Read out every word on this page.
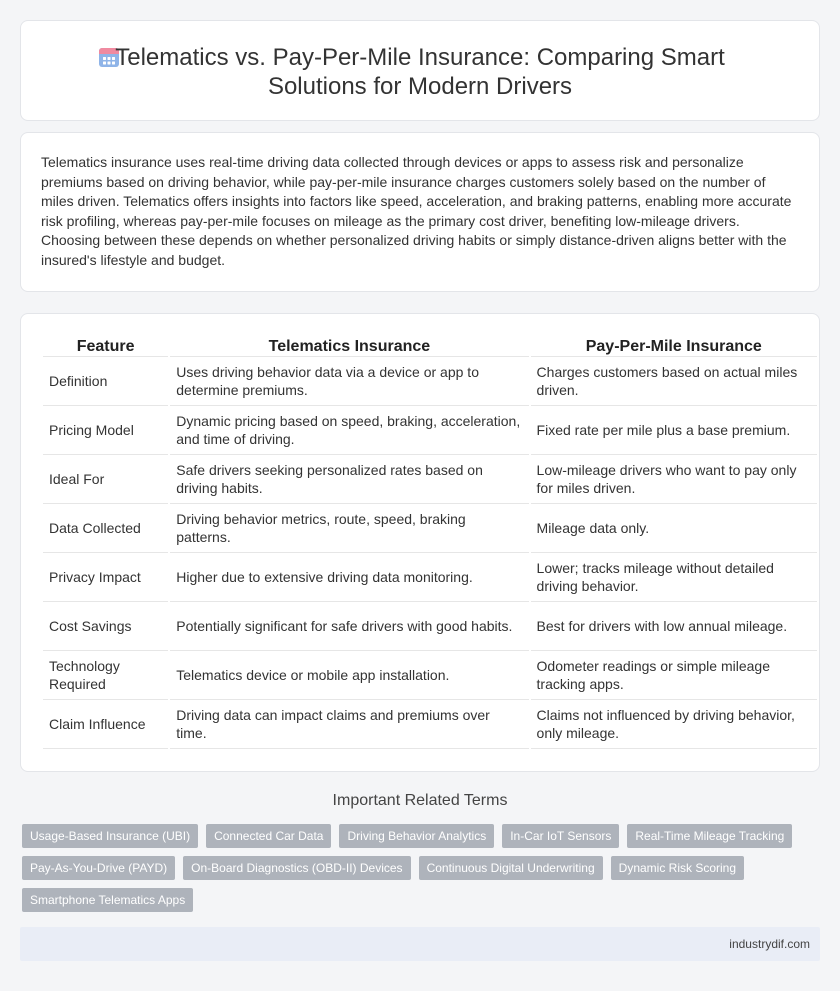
Telematics vs. Pay-Per-Mile Insurance: Comparing Smart Solutions for Modern Drivers

Telematics insurance uses real-time driving data collected through devices or apps to assess risk and personalize premiums based on driving behavior, while pay-per-mile insurance charges customers solely based on the number of miles driven. Telematics offers insights into factors like speed, acceleration, and braking patterns, enabling more accurate risk profiling, whereas pay-per-mile focuses on mileage as the primary cost driver, benefiting low-mileage drivers. Choosing between these depends on whether personalized driving habits or simply distance-driven aligns better with the insured's lifestyle and budget.

Feature	Telematics Insurance	Pay-Per-Mile Insurance
Definition	Uses driving behavior data via a device or app to determine premiums.	Charges customers based on actual miles driven.
Pricing Model	Dynamic pricing based on speed, braking, acceleration, and time of driving.	Fixed rate per mile plus a base premium.
Ideal For	Safe drivers seeking personalized rates based on driving habits.	Low-mileage drivers who want to pay only for miles driven.
Data Collected	Driving behavior metrics, route, speed, braking patterns.	Mileage data only.
Privacy Impact	Higher due to extensive driving data monitoring.	Lower; tracks mileage without detailed driving behavior.
Cost Savings	Potentially significant for safe drivers with good habits.	Best for drivers with low annual mileage.
Technology Required	Telematics device or mobile app installation.	Odometer readings or simple mileage tracking apps.
Claim Influence	Driving data can impact claims and premiums over time.	Claims not influenced by driving behavior, only mileage.
Important Related Terms
Usage-Based Insurance (UBI)	Connected Car Data	Driving Behavior Analytics	In-Car IoT Sensors	Real-Time Mileage Tracking
Pay-As-You-Drive (PAYD)	On-Board Diagnostics (OBD-II) Devices	Continuous Digital Underwriting	Dynamic Risk Scoring
Smartphone Telematics Apps
industrydif.com
